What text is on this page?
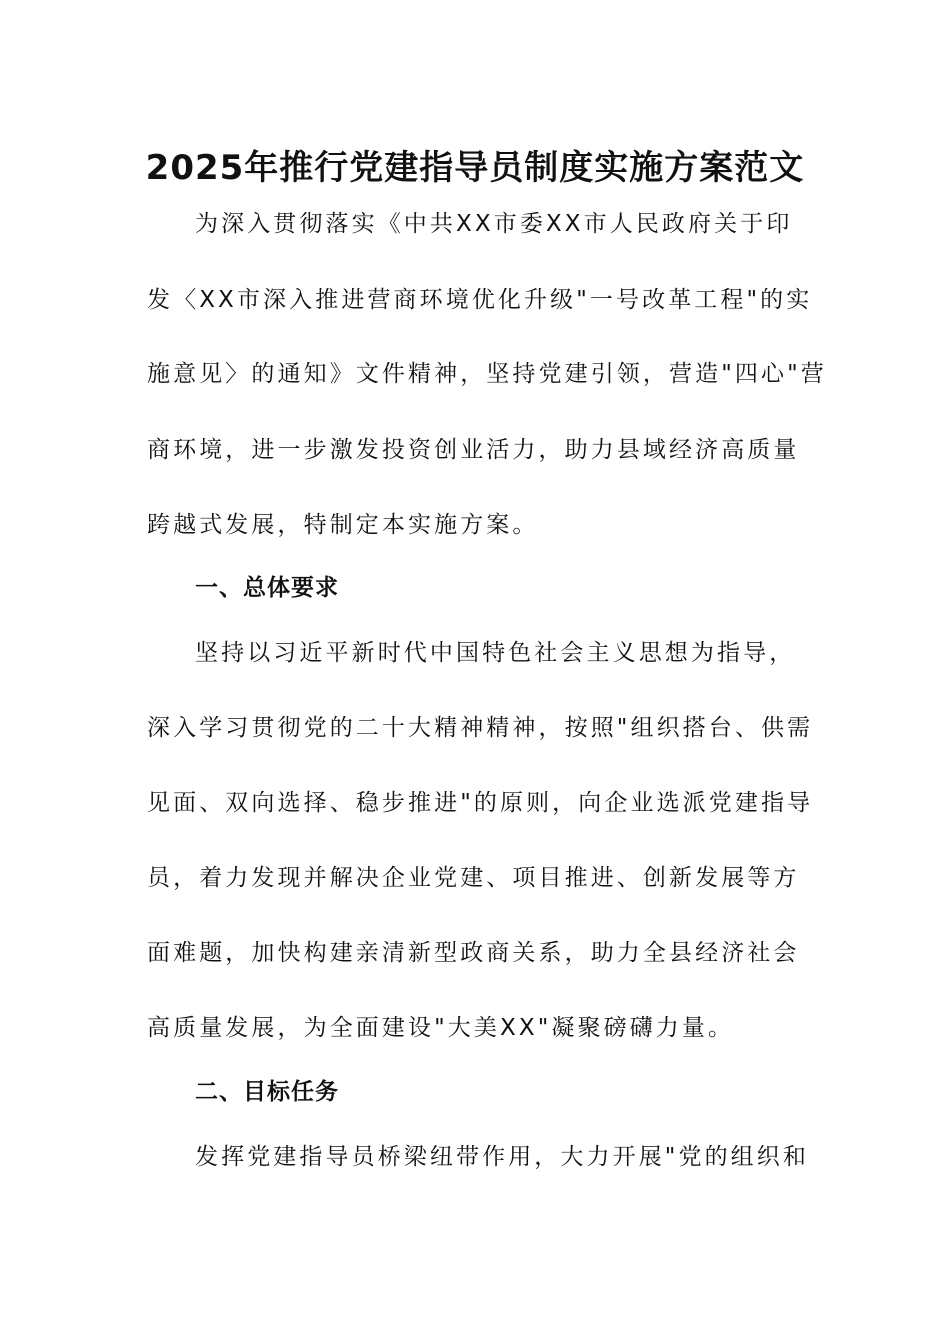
2025年推行党建指导员制度实施方案范文
为深入贯彻落实《中共XX市委XX市人民政府关于印
发〈XX市深入推进营商环境优化升级"一号改革工程"的实
施意见〉的通知》文件精神，坚持党建引领，营造"四心"营
商环境，进一步激发投资创业活力，助力县域经济高质量
跨越式发展，特制定本实施方案。
一、总体要求
坚持以习近平新时代中国特色社会主义思想为指导，
深入学习贯彻党的二十大精神精神，按照"组织搭台、供需
见面、双向选择、稳步推进"的原则，向企业选派党建指导
员，着力发现并解决企业党建、项目推进、创新发展等方
面难题，加快构建亲清新型政商关系，助力全县经济社会
高质量发展，为全面建设"大美XX"凝聚磅礴力量。
二、目标任务
发挥党建指导员桥梁纽带作用，大力开展"党的组织和
